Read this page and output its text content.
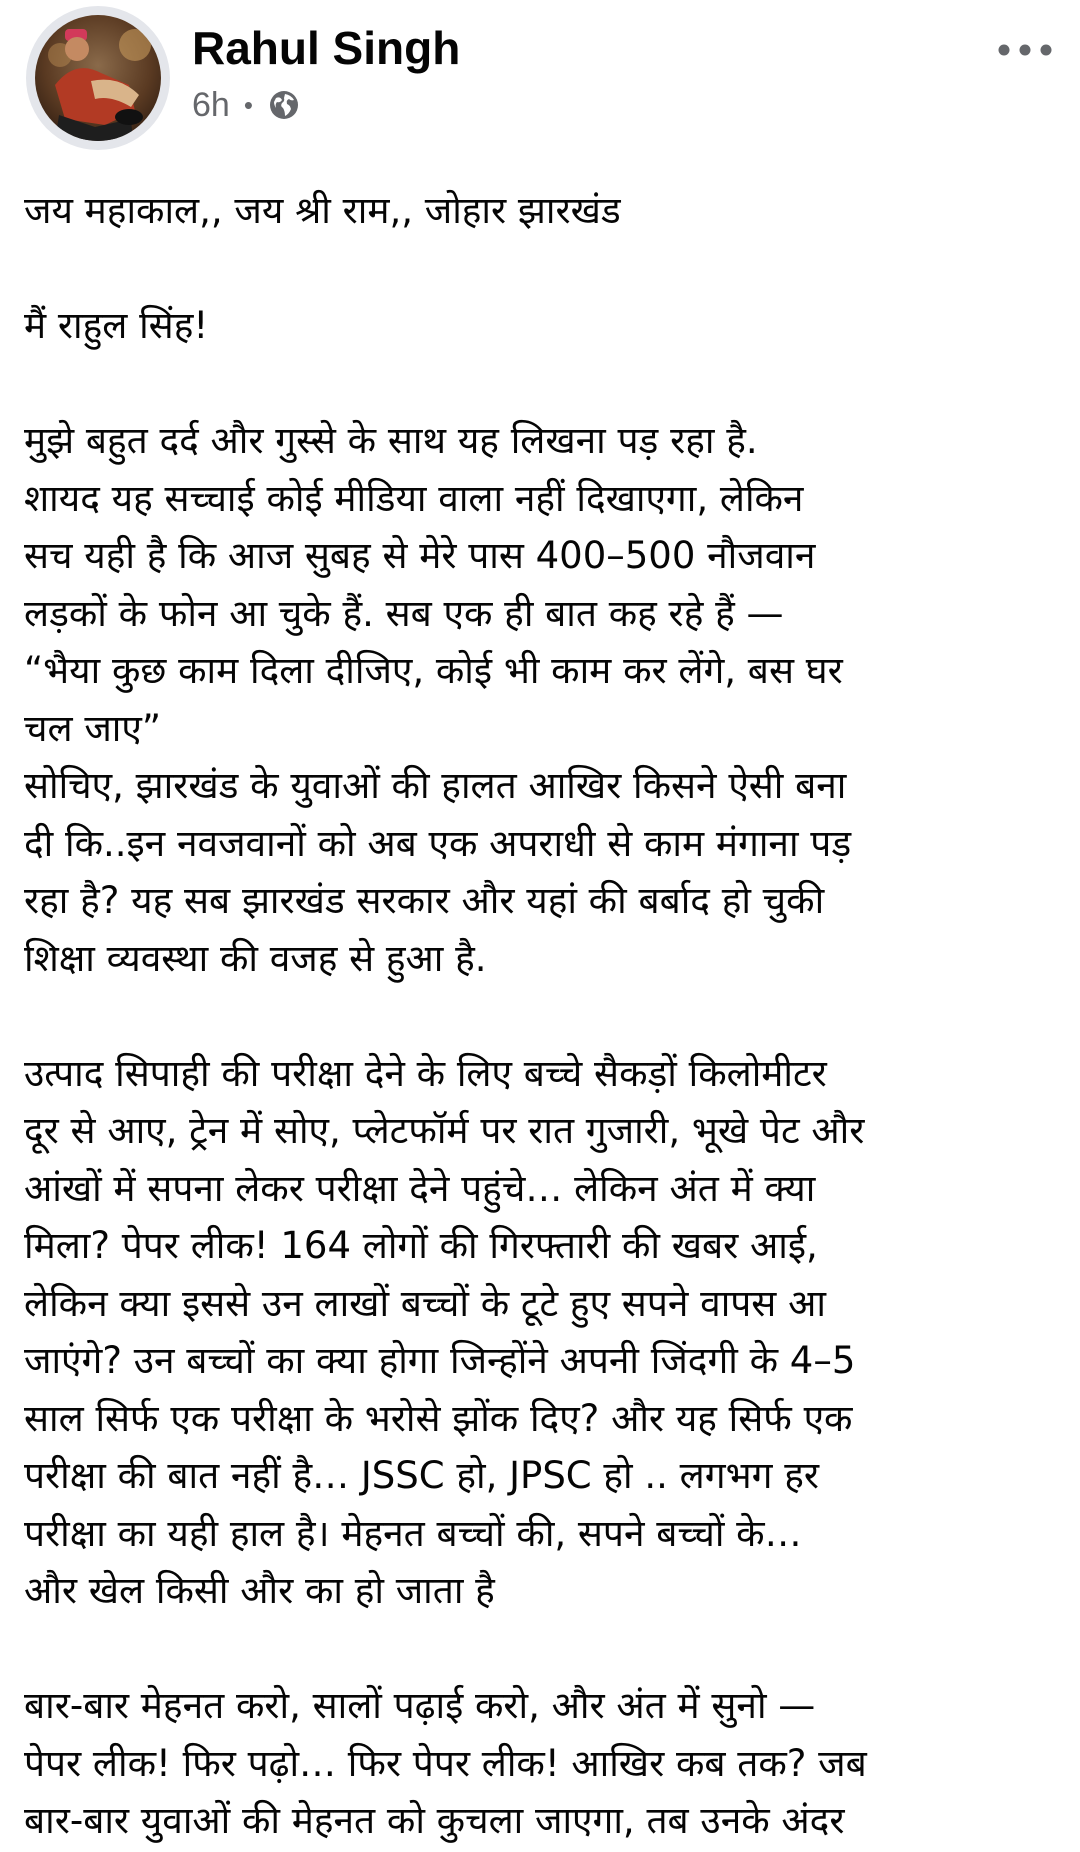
Rahul Singh
6h •
जय महाकाल,, जय श्री राम,, जोहार झारखंड
मैं राहुल सिंह!
मुझे बहुत दर्द और गुस्से के साथ यह लिखना पड़ रहा है.
शायद यह सच्चाई कोई मीडिया वाला नहीं दिखाएगा, लेकिन
सच यही है कि आज सुबह से मेरे पास 400–500 नौजवान
लड़कों के फोन आ चुके हैं. सब एक ही बात कह रहे हैं —
“भैया कुछ काम दिला दीजिए, कोई भी काम कर लेंगे, बस घर
चल जाए”
सोचिए, झारखंड के युवाओं की हालत आखिर किसने ऐसी बना
दी कि..इन नवजवानों को अब एक अपराधी से काम मंगाना पड़
रहा है? यह सब झारखंड सरकार और यहां की बर्बाद हो चुकी
शिक्षा व्यवस्था की वजह से हुआ है.
उत्पाद सिपाही की परीक्षा देने के लिए बच्चे सैकड़ों किलोमीटर
दूर से आए, ट्रेन में सोए, प्लेटफॉर्म पर रात गुजारी, भूखे पेट और
आंखों में सपना लेकर परीक्षा देने पहुंचे… लेकिन अंत में क्या
मिला? पेपर लीक! 164 लोगों की गिरफ्तारी की खबर आई,
लेकिन क्या इससे उन लाखों बच्चों के टूटे हुए सपने वापस आ
जाएंगे? उन बच्चों का क्या होगा जिन्होंने अपनी जिंदगी के 4–5
साल सिर्फ एक परीक्षा के भरोसे झोंक दिए? और यह सिर्फ एक
परीक्षा की बात नहीं है… JSSC हो, JPSC हो .. लगभग हर
परीक्षा का यही हाल है। मेहनत बच्चों की, सपने बच्चों के…
और खेल किसी और का हो जाता है
बार-बार मेहनत करो, सालों पढ़ाई करो, और अंत में सुनो —
पेपर लीक! फिर पढ़ो… फिर पेपर लीक! आखिर कब तक? जब
बार-बार युवाओं की मेहनत को कुचला जाएगा, तब उनके अंदर
